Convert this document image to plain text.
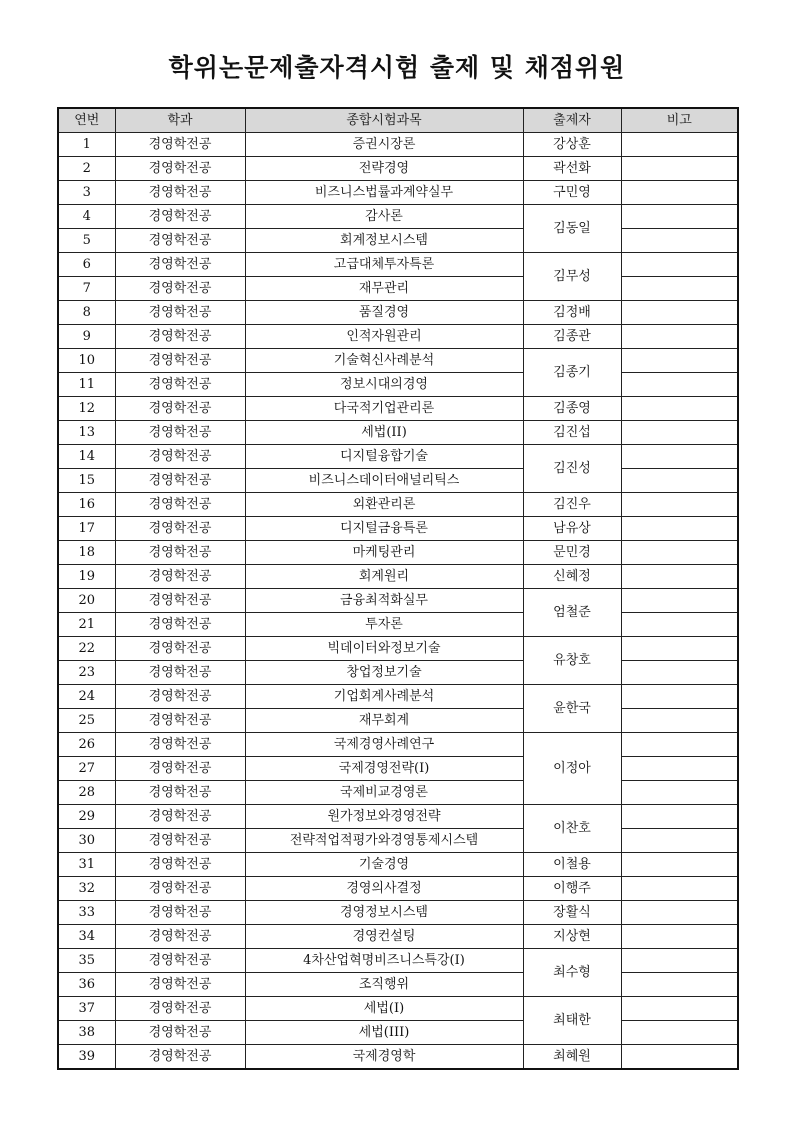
학위논문제출자격시험 출제 및 채점위원
연번	학과	종합시험과목	출제자	비고
1	경영학전공	증권시장론	강상훈	
2	경영학전공	전략경영	곽선화	
3	경영학전공	비즈니스법률과계약실무	구민영	
4	경영학전공	감사론	김동일	
5	경영학전공	회계정보시스템		
6	경영학전공	고급대체투자특론	김무성	
7	경영학전공	재무관리		
8	경영학전공	품질경영	김정배	
9	경영학전공	인적자원관리	김종관	
10	경영학전공	기술혁신사례분석	김종기	
11	경영학전공	정보시대의경영		
12	경영학전공	다국적기업관리론	김종영	
13	경영학전공	세법(II)	김진섭	
14	경영학전공	디지털융합기술	김진성	
15	경영학전공	비즈니스데이터애널리틱스		
16	경영학전공	외환관리론	김진우	
17	경영학전공	디지털금융특론	남유상	
18	경영학전공	마케팅관리	문민경	
19	경영학전공	회계원리	신혜정	
20	경영학전공	금융최적화실무	엄철준	
21	경영학전공	투자론		
22	경영학전공	빅데이터와정보기술	유창호	
23	경영학전공	창업정보기술		
24	경영학전공	기업회계사례분석	윤한국	
25	경영학전공	재무회계		
26	경영학전공	국제경영사례연구	이정아	
27	경영학전공	국제경영전략(I)		
28	경영학전공	국제비교경영론		
29	경영학전공	원가정보와경영전략	이찬호	
30	경영학전공	전략적업적평가와경영통제시스템		
31	경영학전공	기술경영	이철용	
32	경영학전공	경영의사결정	이행주	
33	경영학전공	경영정보시스템	장활식	
34	경영학전공	경영컨설팅	지상현	
35	경영학전공	4차산업혁명비즈니스특강(I)	최수형	
36	경영학전공	조직행위		
37	경영학전공	세법(I)	최태한	
38	경영학전공	세법(III)		
39	경영학전공	국제경영학	최혜원	
